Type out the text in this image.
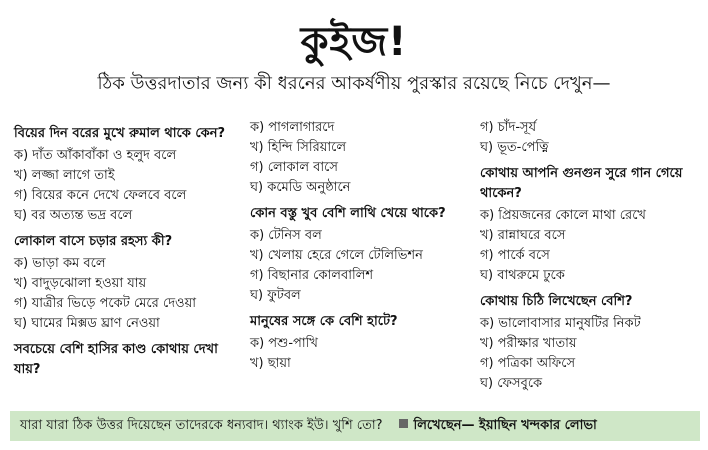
কুইজ!
ঠিক উত্তরদাতার জন্য কী ধরনের আকর্ষণীয় পুরস্কার রয়েছে নিচে দেখুন—
বিয়ের দিন বরের মুখে রুমাল থাকে কেন?
ক) দাঁত আঁকাবাঁকা ও হলুদ বলে
খ) লজ্জা লাগে তাই
গ) বিয়ের কনে দেখে ফেলবে বলে
ঘ) বর অত্যন্ত ভদ্র বলে
লোকাল বাসে চড়ার রহস্য কী?
ক) ভাড়া কম বলে
খ) বাদুড়ঝোলা হওয়া যায়
গ) যাত্রীর ভিড়ে পকেট মেরে দেওয়া
ঘ) ঘামের মিক্সড ঘ্রাণ নেওয়া
সবচেয়ে বেশি হাসির কাণ্ড কোথায় দেখা যায়?
ক) পাগলাগারদে
খ) হিন্দি সিরিয়ালে
গ) লোকাল বাসে
ঘ) কমেডি অনুষ্ঠানে
কোন বস্তু খুব বেশি লাথি খেয়ে থাকে?
ক) টেনিস বল
খ) খেলায় হেরে গেলে টেলিভিশন
গ) বিছানার কোলবালিশ
ঘ) ফুটবল
মানুষের সঙ্গে কে বেশি হাটে?
ক) পশু-পাখি
খ) ছায়া
গ) চাঁদ-সূর্য
ঘ) ভূত-পেত্নি
কোথায় আপনি গুনগুন সুরে গান গেয়ে থাকেন?
ক) প্রিয়জনের কোলে মাথা রেখে
খ) রান্নাঘরে বসে
গ) পার্কে বসে
ঘ) বাথরুমে ঢুকে
কোথায় চিঠি লিখেছেন বেশি?
ক) ভালোবাসার মানুষটির নিকট
খ) পরীক্ষার খাতায়
গ) পত্রিকা অফিসে
ঘ) ফেসবুকে
যারা যারা ঠিক উত্তর দিয়েছেন তাদেরকে ধন্যবাদ। থ্যাংক ইউ। খুশি তো? লিখেছেন— ইয়াছিন খন্দকার লোভা
